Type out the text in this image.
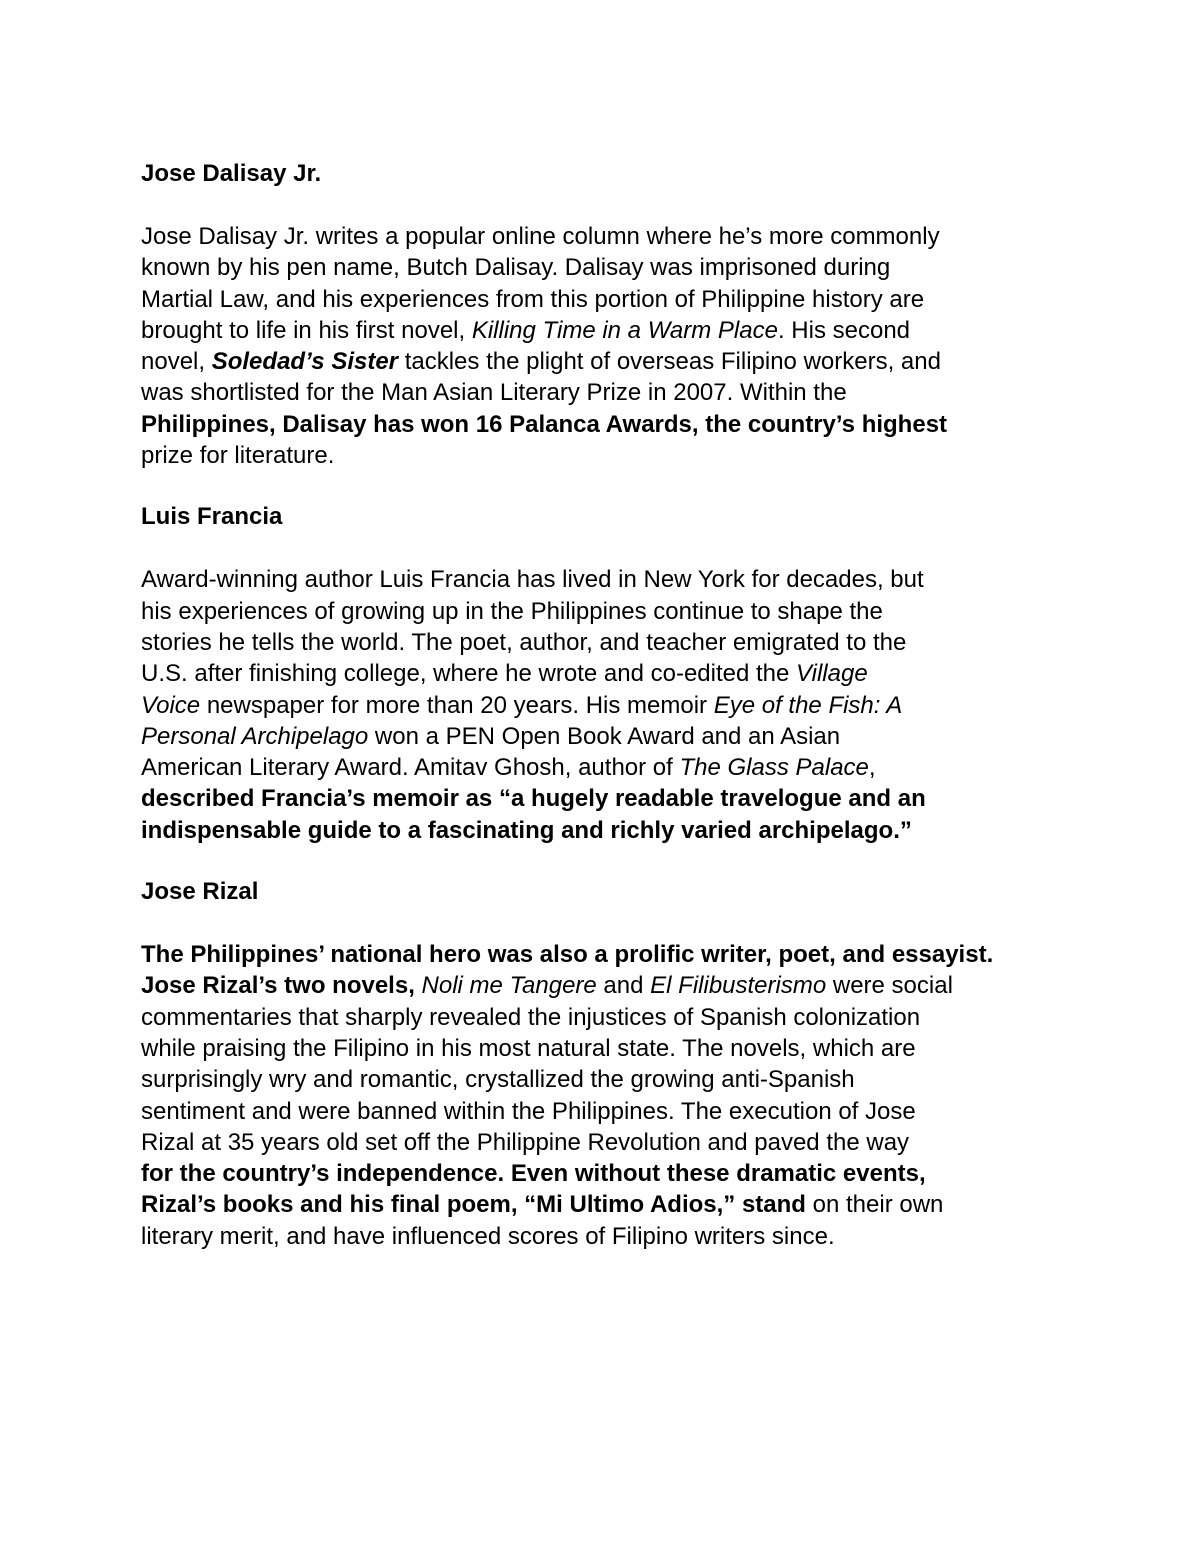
Jose Dalisay Jr.

Jose Dalisay Jr. writes a popular online column where he’s more commonly
known by his pen name, Butch Dalisay. Dalisay was imprisoned during
Martial Law, and his experiences from this portion of Philippine history are
brought to life in his first novel, Killing Time in a Warm Place. His second
novel, Soledad’s Sister tackles the plight of overseas Filipino workers, and
was shortlisted for the Man Asian Literary Prize in 2007. Within the
Philippines, Dalisay has won 16 Palanca Awards, the country’s highest
prize for literature.

Luis Francia

Award-winning author Luis Francia has lived in New York for decades, but
his experiences of growing up in the Philippines continue to shape the
stories he tells the world. The poet, author, and teacher emigrated to the
U.S. after finishing college, where he wrote and co-edited the Village
Voice newspaper for more than 20 years. His memoir Eye of the Fish: A
Personal Archipelago won a PEN Open Book Award and an Asian
American Literary Award. Amitav Ghosh, author of The Glass Palace,
described Francia’s memoir as “a hugely readable travelogue and an
indispensable guide to a fascinating and richly varied archipelago.”

Jose Rizal

The Philippines’ national hero was also a prolific writer, poet, and essayist.
Jose Rizal’s two novels, Noli me Tangere and El Filibusterismo were social
commentaries that sharply revealed the injustices of Spanish colonization
while praising the Filipino in his most natural state. The novels, which are
surprisingly wry and romantic, crystallized the growing anti-Spanish
sentiment and were banned within the Philippines. The execution of Jose
Rizal at 35 years old set off the Philippine Revolution and paved the way
for the country’s independence. Even without these dramatic events,
Rizal’s books and his final poem, “Mi Ultimo Adios,” stand on their own
literary merit, and have influenced scores of Filipino writers since.
